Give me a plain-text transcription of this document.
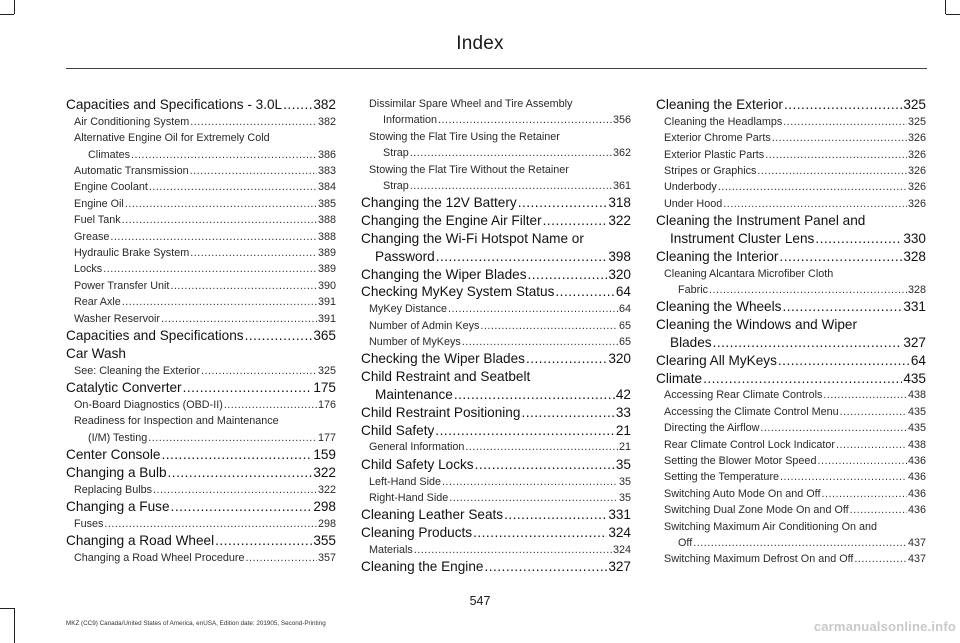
Index
Capacities and Specifications - 3.0L ..... 382
Air Conditioning System .....	382
Alternative Engine Oil for Extremely Cold
Climates .....	386
Automatic Transmission .....	383
Engine Coolant .....	384
Engine Oil .....	385
Fuel Tank .....	388
Grease .....	388
Hydraulic Brake System .....	389
Locks .....	389
Power Transfer Unit .....	390
Rear Axle .....	391
Washer Reservoir .....	391
Capacities and Specifications .....	365
Car Wash
See: Cleaning the Exterior .....	325
Catalytic Converter .....	175
On-Board Diagnostics (OBD-II) .....	176
Readiness for Inspection and Maintenance
(I/M) Testing .....	177
Center Console .....	159
Changing a Bulb .....	322
Replacing Bulbs .....	322
Changing a Fuse .....	298
Fuses .....	298
Changing a Road Wheel .....	355
Changing a Road Wheel Procedure .....	357
Dissimilar Spare Wheel and Tire Assembly
Information .....	356
Stowing the Flat Tire Using the Retainer
Strap .....	362
Stowing the Flat Tire Without the Retainer
Strap .....	361
Changing the 12V Battery .....	318
Changing the Engine Air Filter .....	322
Changing the Wi-Fi Hotspot Name or
Password .....	398
Changing the Wiper Blades .....	320
Checking MyKey System Status .....	64
MyKey Distance .....	64
Number of Admin Keys .....	65
Number of MyKeys .....	65
Checking the Wiper Blades .....	320
Child Restraint and Seatbelt
Maintenance .....	42
Child Restraint Positioning .....	33
Child Safety .....	21
General Information .....	21
Child Safety Locks .....	35
Left-Hand Side .....	35
Right-Hand Side .....	35
Cleaning Leather Seats .....	331
Cleaning Products .....	324
Materials .....	324
Cleaning the Engine .....	327
Cleaning the Exterior .....	325
Cleaning the Headlamps .....	325
Exterior Chrome Parts .....	326
Exterior Plastic Parts .....	326
Stripes or Graphics .....	326
Underbody .....	326
Under Hood .....	326
Cleaning the Instrument Panel and
Instrument Cluster Lens .....	330
Cleaning the Interior .....	328
Cleaning Alcantara Microfiber Cloth
Fabric .....	328
Cleaning the Wheels .....	331
Cleaning the Windows and Wiper
Blades .....	327
Clearing All MyKeys .....	64
Climate .....	435
Accessing Rear Climate Controls .....	438
Accessing the Climate Control Menu .....	435
Directing the Airflow .....	435
Rear Climate Control Lock Indicator .....	438
Setting the Blower Motor Speed .....	436
Setting the Temperature .....	436
Switching Auto Mode On and Off .....	436
Switching Dual Zone Mode On and Off .....	436
Switching Maximum Air Conditioning On and
Off .....	437
Switching Maximum Defrost On and Off .....	437
547
MKZ (CC9) Canada/United States of America, enUSA, Edition date: 201905, Second-Printing	carmanualsonline.info
